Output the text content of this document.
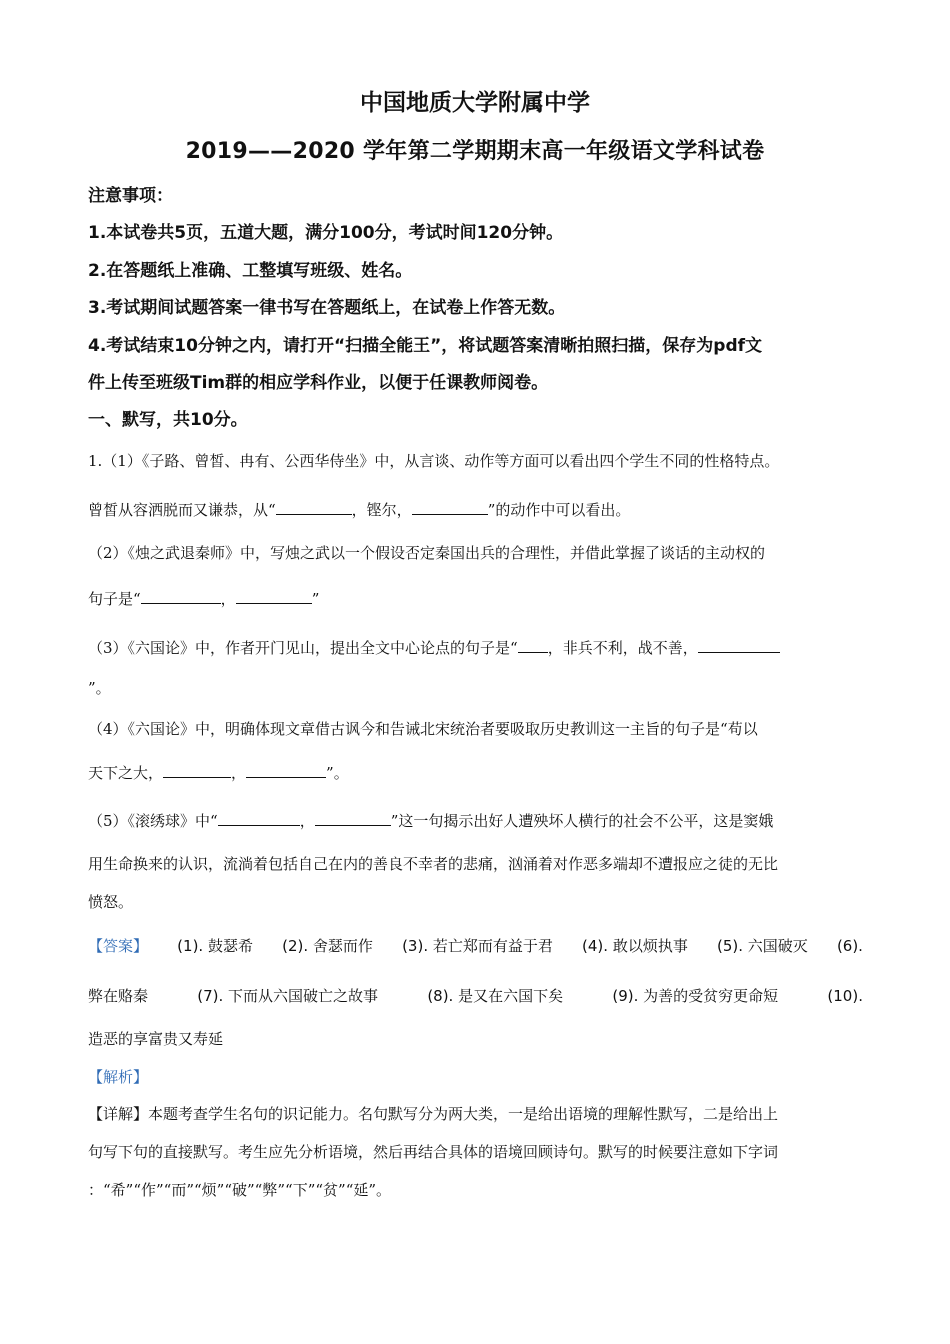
中国地质大学附属中学
2019——2020 学年第二学期期末高一年级语文学科试卷
注意事项：
1.本试卷共5页，五道大题，满分100分，考试时间120分钟。
2.在答题纸上准确、工整填写班级、姓名。
3.考试期间试题答案一律书写在答题纸上，在试卷上作答无数。
4.考试结束10分钟之内，请打开“扫描全能王”，将试题答案清晰拍照扫描，保存为pdf文
件上传至班级Tim群的相应学科作业，以便于任课教师阅卷。
一、默写，共10分。
1.（1）《子路、曾皙、冉有、公西华侍坐》中，从言谈、动作等方面可以看出四个学生不同的性格特点。
曾皙从容洒脱而又谦恭，从“	，铿尔，	”的动作中可以看出。
（2）《烛之武退秦师》中，写烛之武以一个假设否定秦国出兵的合理性，并借此掌握了谈话的主动权的
句子是“	，	”
（3）《六国论》中，作者开门见山，提出全文中心论点的句子是“ ，非兵不利，战不善，
”。
（4）《六国论》中，明确体现文章借古讽今和告诫北宋统治者要吸取历史教训这一主旨的句子是“苟以
天下之大，	，	”。
（5）《滚绣球》中“	，	”这一句揭示出好人遭殃坏人横行的社会不公平，这是窦娥
用生命换来的认识，流淌着包括自己在内的善良不幸者的悲痛，汹涌着对作恶多端却不遭报应之徒的无比
愤怒。
【答案】 (1). 鼓瑟希 (2). 舍瑟而作 (3). 若亡郑而有益于君 (4). 敢以烦执事 (5). 六国破灭 (6).
弊在赂秦	(7). 下而从六国破亡之故事	(8). 是又在六国下矣	(9). 为善的受贫穷更命短	(10).
造恶的享富贵又寿延
【解析】
【详解】本题考查学生名句的识记能力。名句默写分为两大类，一是给出语境的理解性默写，二是给出上
句写下句的直接默写。考生应先分析语境，然后再结合具体的语境回顾诗句。默写的时候要注意如下字词
：“希”“作”“而”“烦”“破”“弊”“下”“贫”“延”。
